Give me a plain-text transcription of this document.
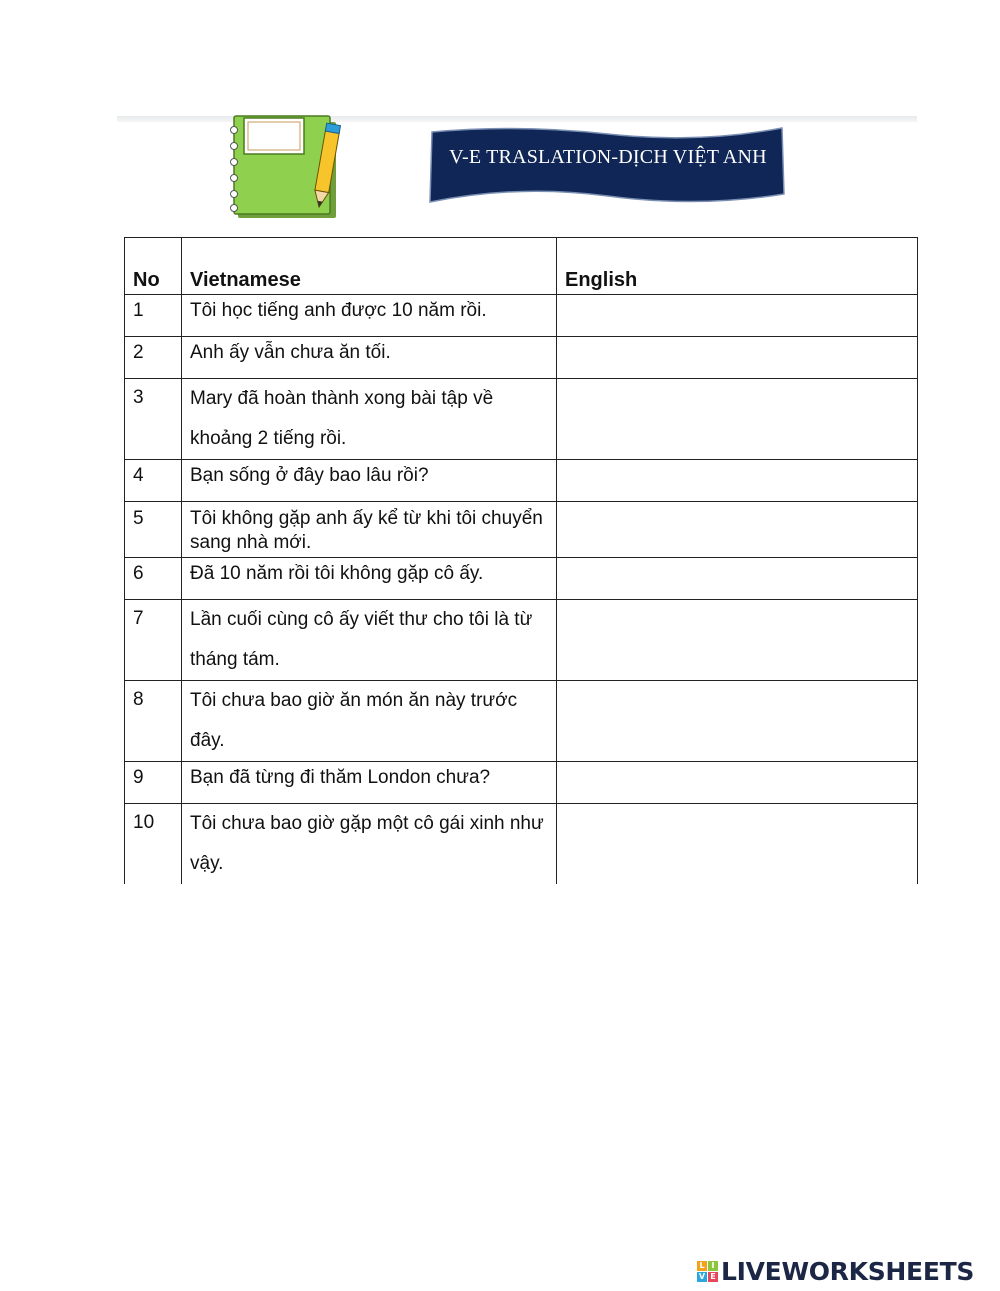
V-E TRASLATION-DỊCH VIỆT ANH
No	Vietnamese	English
1	Tôi học tiếng anh được 10 năm rồi.	
2	Anh ấy vẫn chưa ăn tối.	
3	Mary đã hoàn thành xong bài tập về khoảng 2 tiếng rồi.	
4	Bạn sống ở đây bao lâu rồi?	
5	Tôi không gặp anh ấy kể từ khi tôi chuyển sang nhà mới.	
6	Đã 10 năm rồi tôi không gặp cô ấy.	
7	Lần cuối cùng cô ấy viết thư cho tôi là từ tháng tám.	
8	Tôi chưa bao giờ ăn món ăn này trước đây.	
9	Bạn đã từng đi thăm London chưa?	
10	Tôi chưa bao giờ gặp một cô gái xinh như vậy.	
L I
V E LIVEWORKSHEETS
